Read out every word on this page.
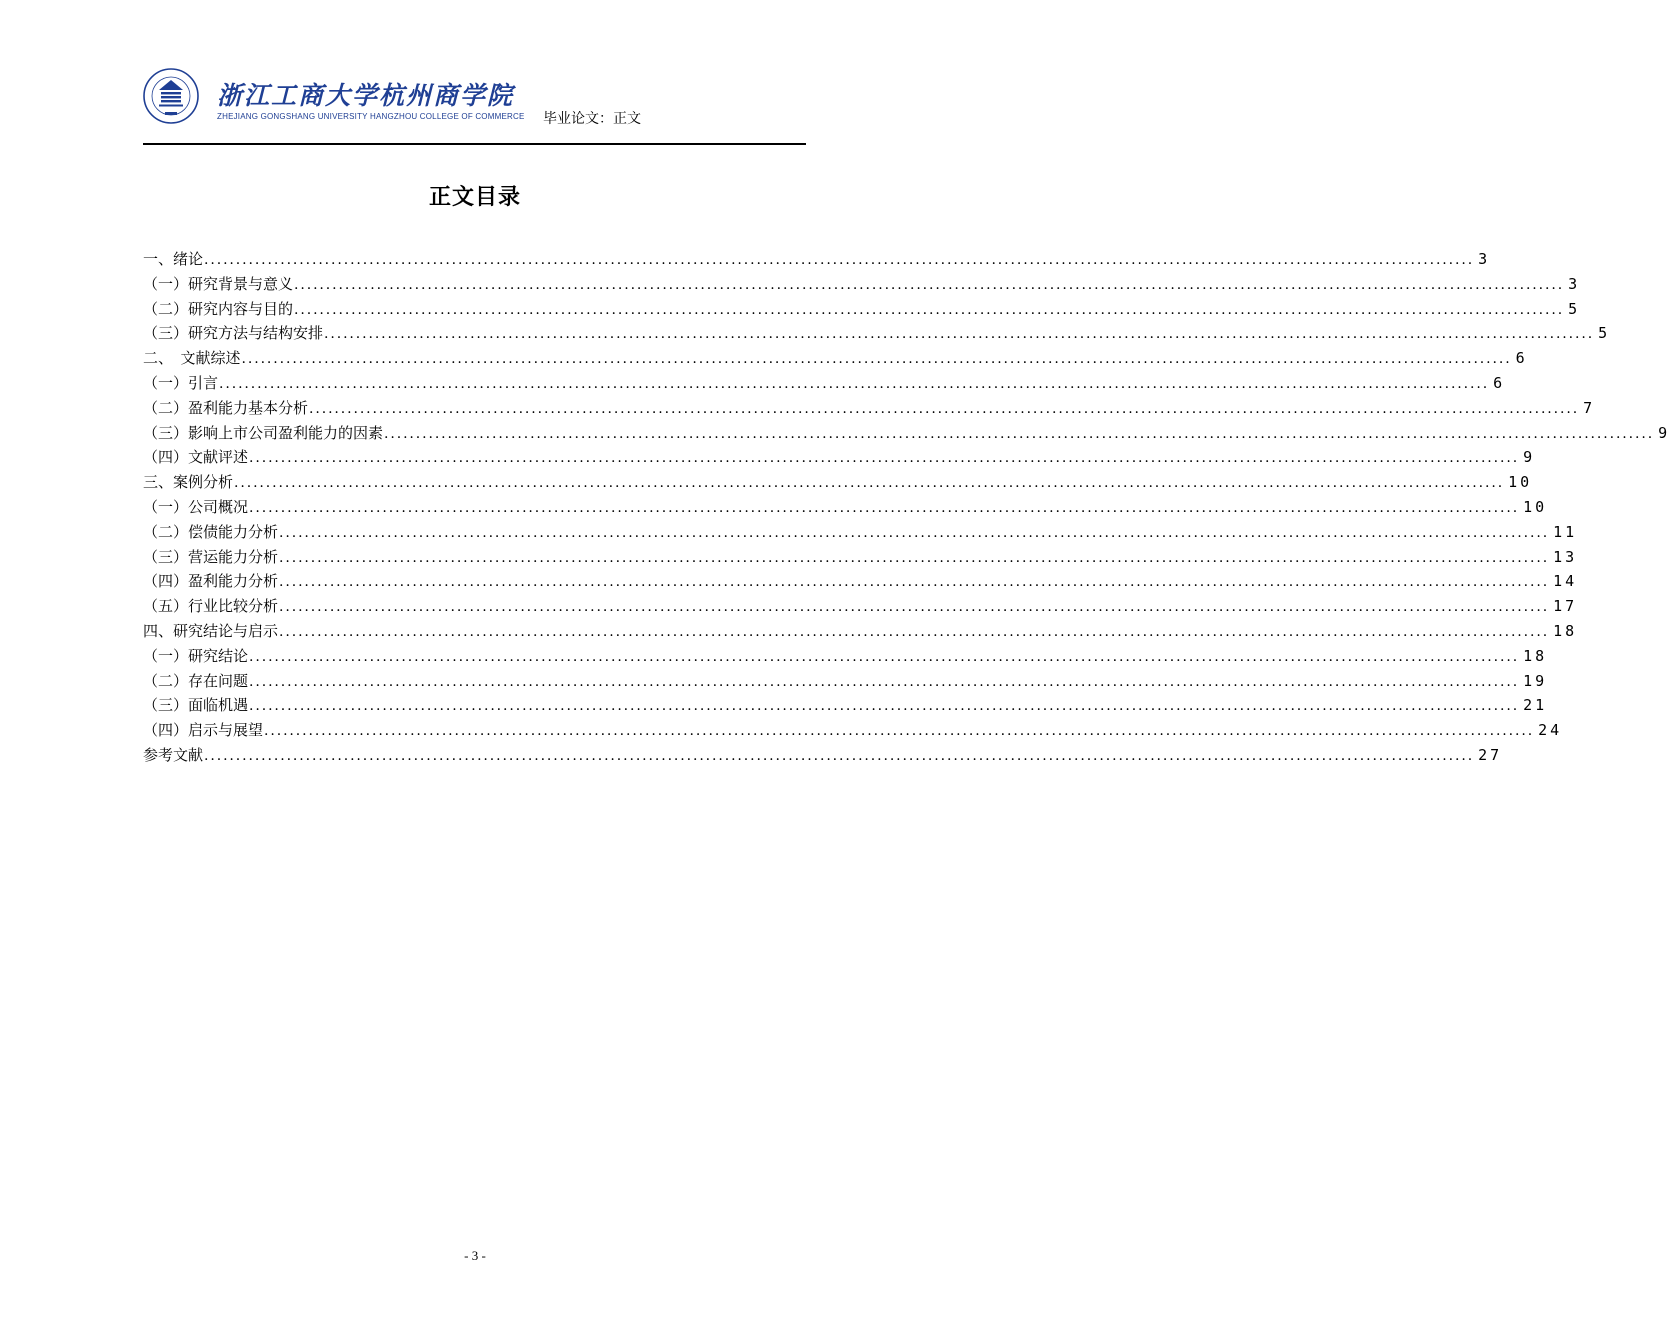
浙江工商大学杭州商学院
ZHEJIANG GONGSHANG UNIVERSITY HANGZHOU COLLEGE OF COMMERCE 毕业论文：正文
正文目录
一、绪论 ........................................................................................................................................................................................................ 3
（一）研究背景与意义 ........................................................................................................................................................................................................ 3
（二）研究内容与目的 ........................................................................................................................................................................................................ 5
（三）研究方法与结构安排 ........................................................................................................................................................................................................ 5
二、　文献综述 ........................................................................................................................................................................................................ 6
（一）引言 ........................................................................................................................................................................................................ 6
（二）盈利能力基本分析 ........................................................................................................................................................................................................ 7
（三）影响上市公司盈利能力的因素 ........................................................................................................................................................................................................ 9
（四）文献评述 ........................................................................................................................................................................................................ 9
三、案例分析 ........................................................................................................................................................................................................ 10
（一）公司概况 ........................................................................................................................................................................................................ 10
（二）偿债能力分析 ........................................................................................................................................................................................................ 11
（三）营运能力分析 ........................................................................................................................................................................................................ 13
（四）盈利能力分析 ........................................................................................................................................................................................................ 14
（五）行业比较分析 ........................................................................................................................................................................................................ 17
四、研究结论与启示 ........................................................................................................................................................................................................ 18
（一）研究结论 ........................................................................................................................................................................................................ 18
（二）存在问题 ........................................................................................................................................................................................................ 19
（三）面临机遇 ........................................................................................................................................................................................................ 21
（四）启示与展望 ........................................................................................................................................................................................................ 24
参考文献 ........................................................................................................................................................................................................ 27
- 3 -
